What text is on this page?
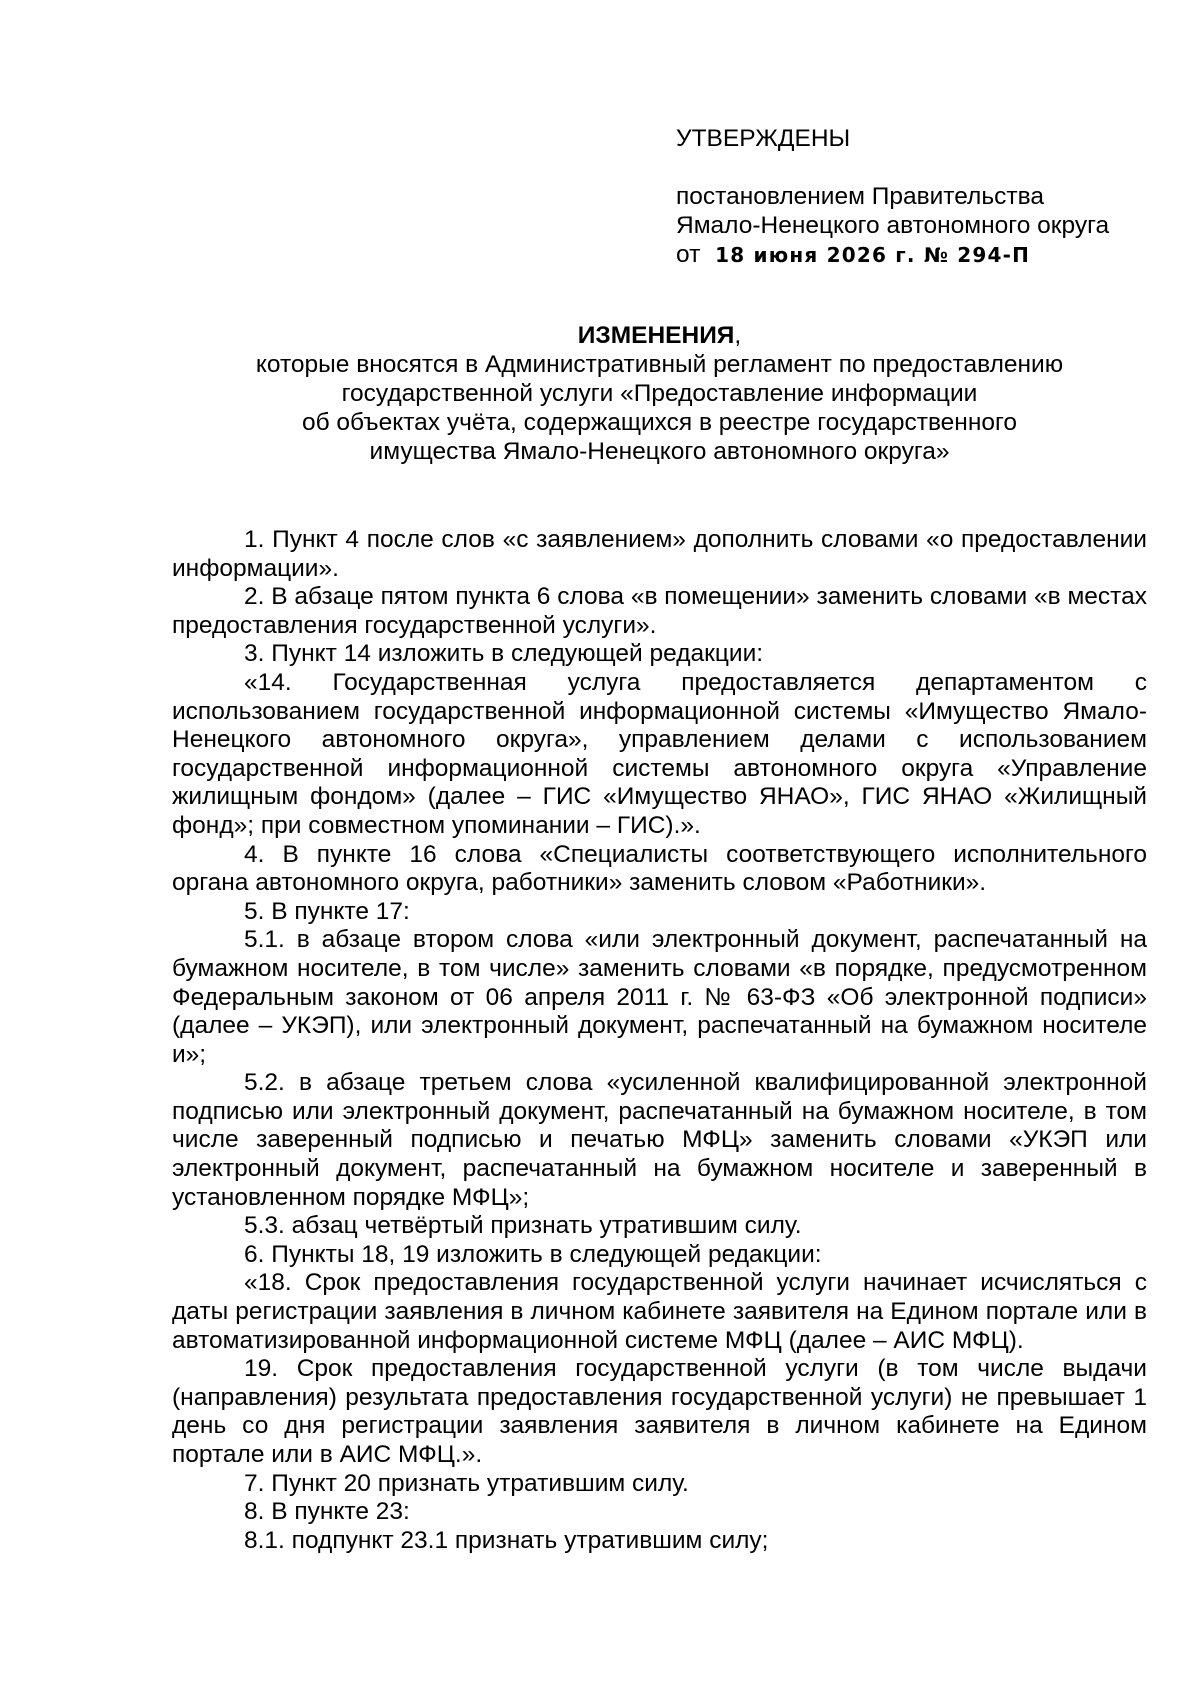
УТВЕРЖДЕНЫ
постановлением Правительства
Ямало-Ненецкого автономного округа
от 18 июня 2026 г. № 294-П
ИЗМЕНЕНИЯ,
которые вносятся в Административный регламент по предоставлению
государственной услуги «Предоставление информации
об объектах учёта, содержащихся в реестре государственного
имущества Ямало-Ненецкого автономного округа»

1. Пункт 4 после слов «с заявлением» дополнить словами «о предоставлении информации».

2. В абзаце пятом пункта 6 слова «в помещении» заменить словами «в местах предоставления государственной услуги».

3. Пункт 14 изложить в следующей редакции:

«14. Государственная услуга предоставляется департаментом с использованием государственной информационной системы «Имущество Ямало-Ненецкого автономного округа», управлением делами с использованием государственной информационной системы автономного округа «Управление жилищным фондом» (далее – ГИС «Имущество ЯНАО», ГИС ЯНАО «Жилищный фонд»; при совместном упоминании – ГИС).».

4. В пункте 16 слова «Специалисты соответствующего исполнительного органа автономного округа, работники» заменить словом «Работники».

5. В пункте 17:

5.1. в абзаце втором слова «или электронный документ, распечатанный на бумажном носителе, в том числе» заменить словами «в порядке, предусмотренном Федеральным законом от 06 апреля 2011 г. № 63-ФЗ «Об электронной подписи» (далее – УКЭП), или электронный документ, распечатанный на бумажном носителе и»;

5.2. в абзаце третьем слова «усиленной квалифицированной электронной подписью или электронный документ, распечатанный на бумажном носителе, в том числе заверенный подписью и печатью МФЦ» заменить словами «УКЭП или электронный документ, распечатанный на бумажном носителе и заверенный в установленном порядке МФЦ»;

5.3. абзац четвёртый признать утратившим силу.

6. Пункты 18, 19 изложить в следующей редакции:

«18. Срок предоставления государственной услуги начинает исчисляться с даты регистрации заявления в личном кабинете заявителя на Едином портале или в автоматизированной информационной системе МФЦ (далее – АИС МФЦ).

19. Срок предоставления государственной услуги (в том числе выдачи (направления) результата предоставления государственной услуги) не превышает 1 день со дня регистрации заявления заявителя в личном кабинете на Едином портале или в АИС МФЦ.».

7. Пункт 20 признать утратившим силу.

8. В пункте 23:

8.1. подпункт 23.1 признать утратившим силу;
